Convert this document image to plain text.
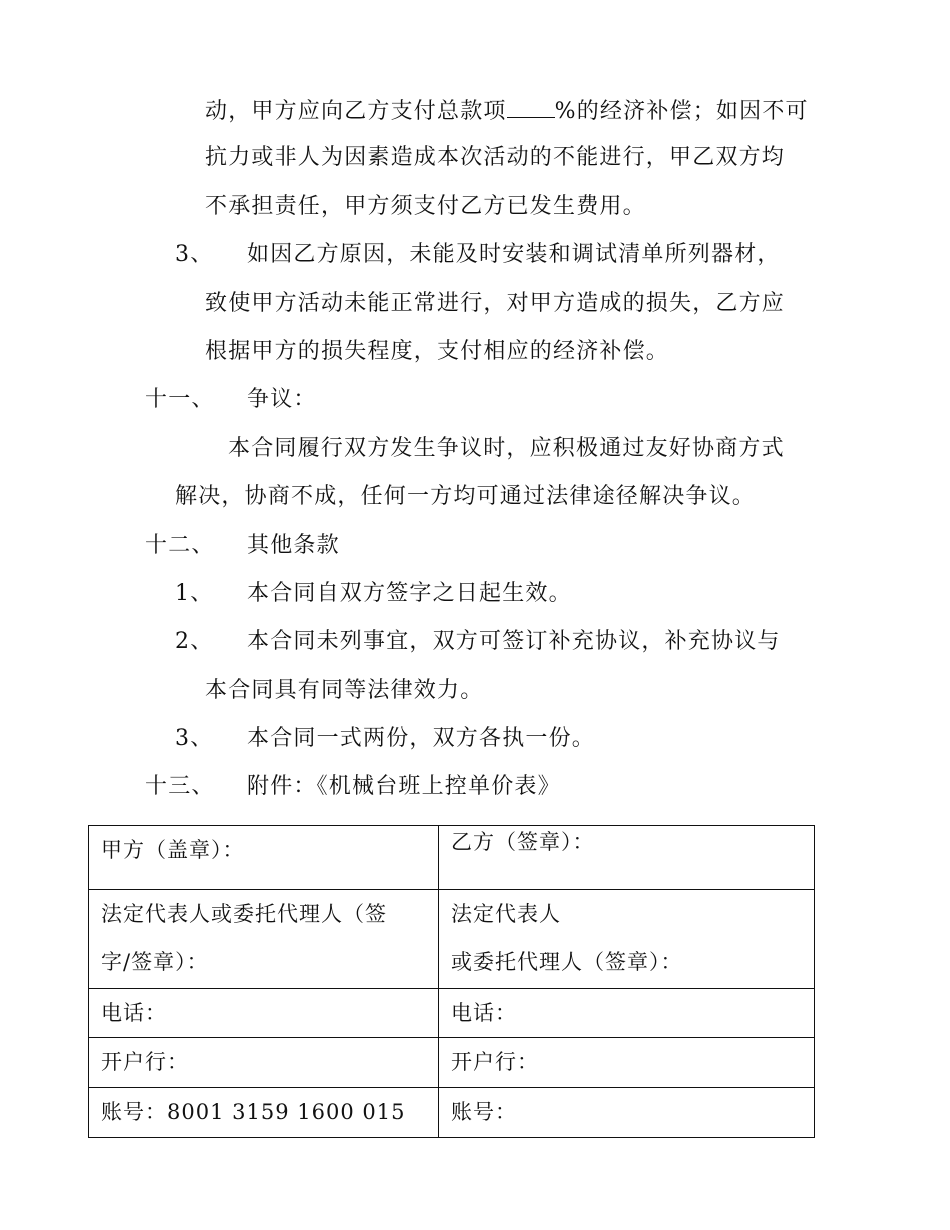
动，甲方应向乙方支付总款项 %的经济补偿；如因不可
抗力或非人为因素造成本次活动的不能进行，甲乙双方均
不承担责任，甲方须支付乙方已发生费用。
3、 如因乙方原因，未能及时安装和调试清单所列器材，
致使甲方活动未能正常进行，对甲方造成的损失，乙方应
根据甲方的损失程度，支付相应的经济补偿。
十一、 争议：
本合同履行双方发生争议时，应积极通过友好协商方式
解决，协商不成，任何一方均可通过法律途径解决争议。
十二、 其他条款
1、 本合同自双方签字之日起生效。
2、 本合同未列事宜，双方可签订补充协议，补充协议与
本合同具有同等法律效力。
3、 本合同一式两份，双方各执一份。
十三、 附件：《机械台班上控单价表》
甲方（盖章）：	乙方（签章）：

法定代表人或委托代理人（签
字/签章）：	法定代表人
或委托代理人（签章）：

电话：	电话：

开户行：	开户行：

账号：8001 3159 1600 015	账号：
